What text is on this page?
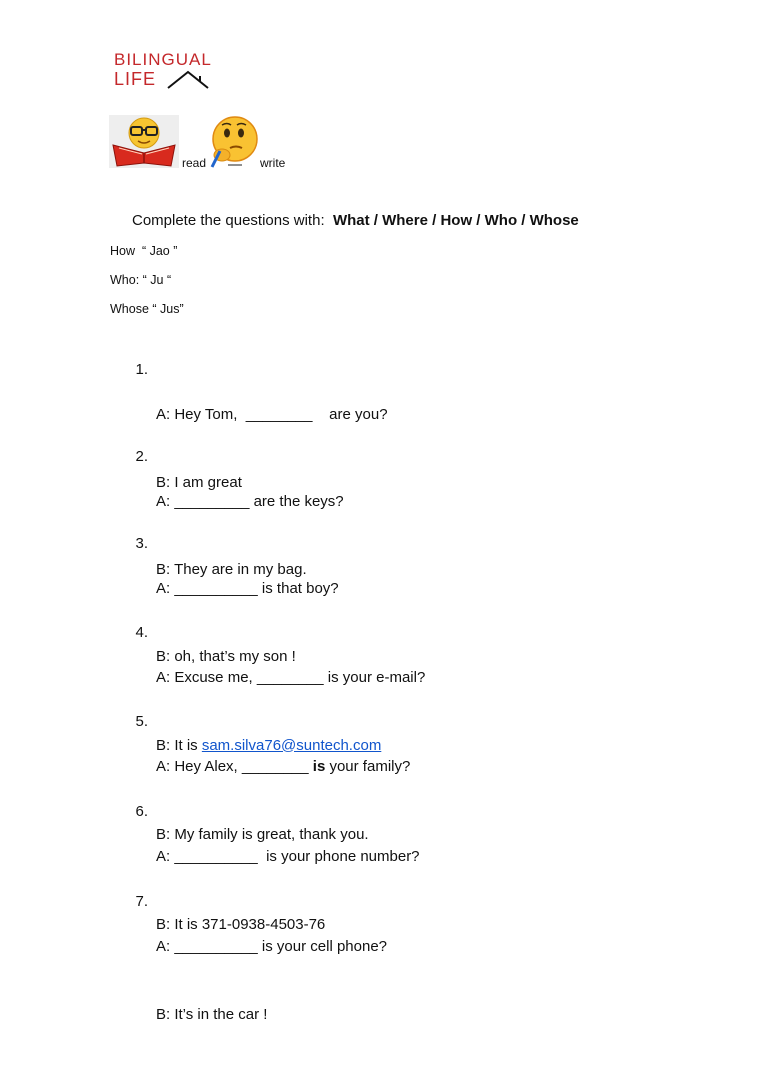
BILINGUAL
LIFE
read	write
Complete the questions with: What / Where / How / Who / Whose
How  “ Jao ”
Who: “ Ju “
Whose “ Jus”
1.

A: Hey Tom,  ________    are you?

B: I am great

2.

A: _________ are the keys?

B: They are in my bag.

3.

A: __________ is that boy?

B: oh, that’s my son !

4.

A: Excuse me, ________ is your e-mail?

B: It is sam.silva76@suntech.com

5.

A: Hey Alex, ________ is your family?

B: My family is great, thank you.

6.

A: __________  is your phone number?

B: It is 371-0938-4503-76

7.

A: __________ is your cell phone?

B: It’s in the car !
